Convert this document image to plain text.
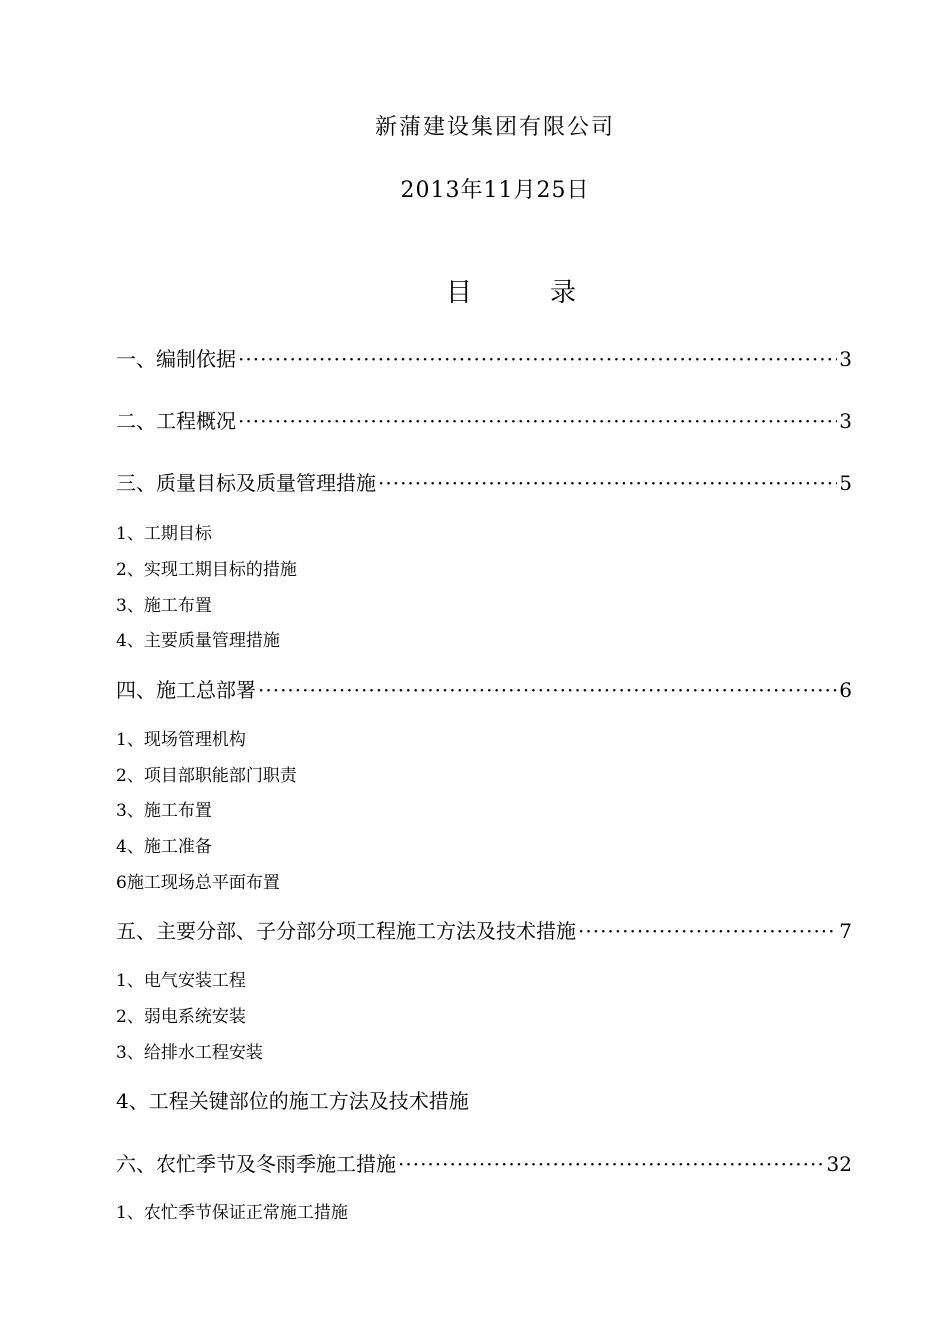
新蒲建设集团有限公司
2013年11月25日
目	录
一、编制依据 ·····	3
二、工程概况 ·····	3
三、质量目标及质量管理措施 ·····	5
1、工期目标
2、实现工期目标的措施
3、施工布置
4、主要质量管理措施
四、施工总部署 ·····	6
1、现场管理机构
2、项目部职能部门职责
3、施工布置
4、施工准备
6施工现场总平面布置
五、主要分部、子分部分项工程施工方法及技术措施 ·····	7
1、电气安装工程
2、弱电系统安装
3、给排水工程安装
4、工程关键部位的施工方法及技术措施
六、农忙季节及冬雨季施工措施 ·····	32
1、农忙季节保证正常施工措施
